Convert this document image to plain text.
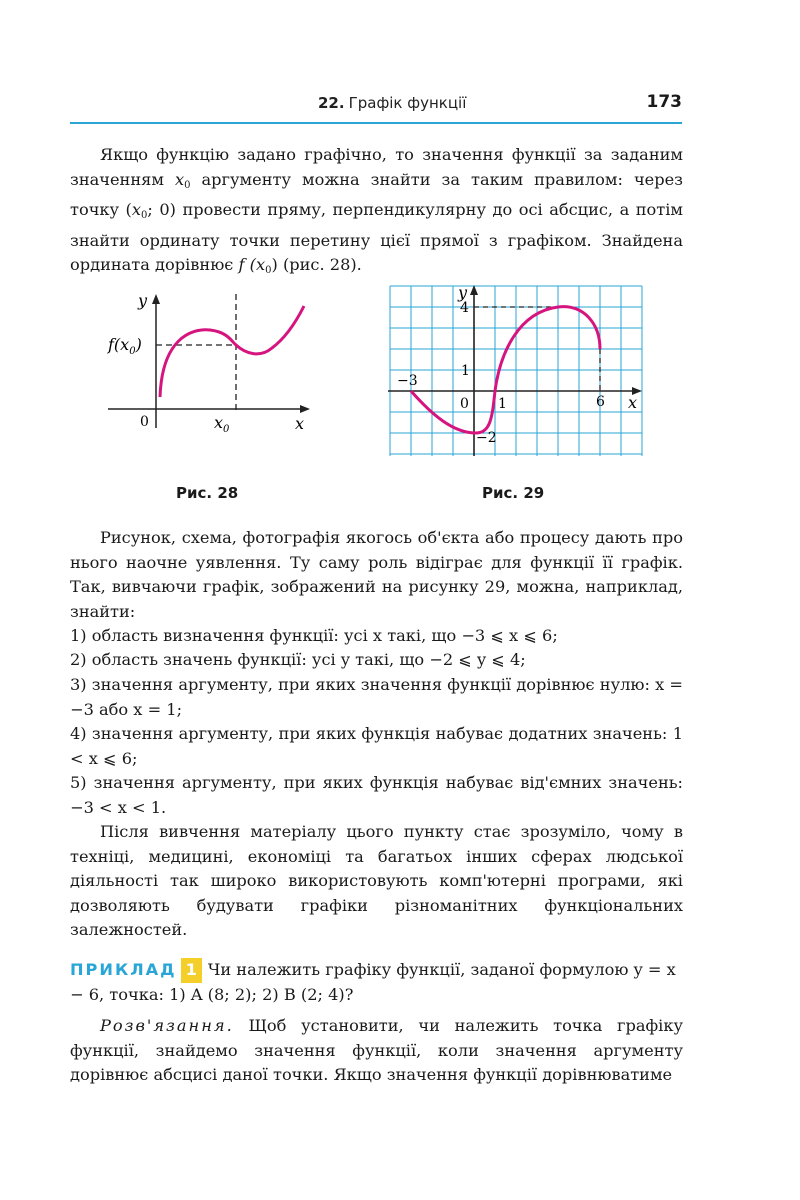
22. Графік функції	173

Якщо функцію задано графічно, то значення функції за заданим значенням $x_0$ аргументу можна знайти за таким правилом: через точку ($x_0$; 0) провести пряму, перпендикулярну до осі абсцис, а потім знайти ординату точки перетину цієї прямої з графіком. Знайдена ордината дорівнює f $(x_0)$ (рис. 28).

y
x
0
$f(x_0)$
$x_0$
Рис. 28
y
x
0
4
1
−2
−3
1	6
Рис. 29

Рисунок, схема, фотографія якогось об'єкта або процесу дають про нього наочне уявлення. Ту саму роль відіграє для функції її графік. Так, вивчаючи графік, зображений на рисунку 29, можна, наприклад, знайти:

1) область визначення функції: усі x такі, що −3 ⩽ x ⩽ 6;

2) область значень функції: усі y такі, що −2 ⩽ y ⩽ 4;

3) значення аргументу, при яких значення функції дорівнює нулю: x = −3 або x = 1;

4) значення аргументу, при яких функція набуває додатних значень: 1 < x ⩽ 6;

5) значення аргументу, при яких функція набуває від'ємних значень: −3 < x < 1.

Після вивчення матеріалу цього пункту стає зрозуміло, чому в техніці, медицині, економіці та багатьох інших сферах людської діяльності так широко використовують комп'ютерні програми, які дозволяють будувати графіки різноманітних функціональних залежностей.

ПРИКЛАД 1 Чи належить графіку функції, заданої формулою y = x − 6, точка: 1) A (8; 2); 2) B (2; 4)?

Розв'язання. Щоб установити, чи належить точка графіку функції, знайдемо значення функції, коли значення аргументу дорівнює абсцисі даної точки. Якщо значення функції дорівнюватиме
